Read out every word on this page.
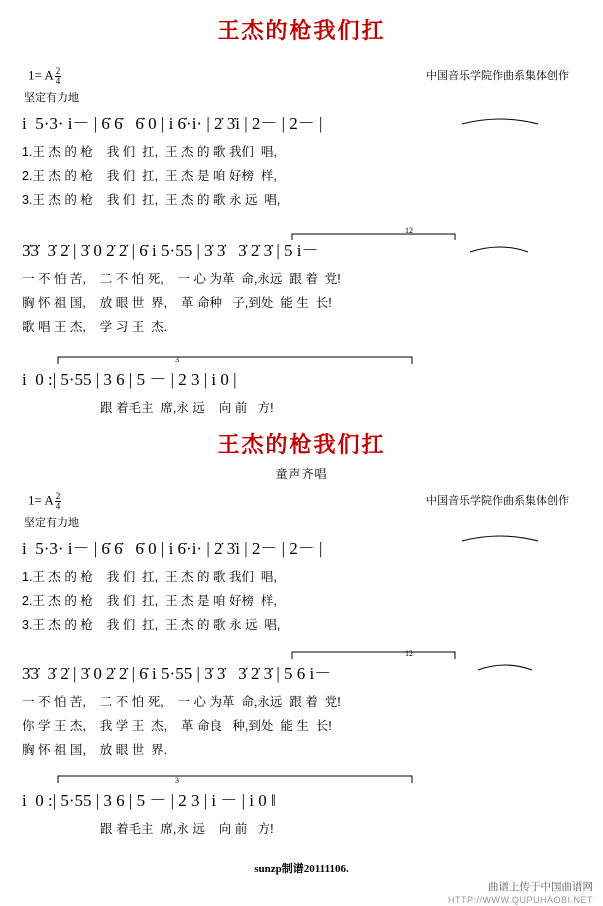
王杰的枪我们扛
1= A $\frac{2}{4}$	中国音乐学院作曲系集体创作
坚定有力地
i  5·3· i－ | 6̇ 6̇   6̇ 0 | i 6̇·i· | 2̇ 3̇i | 2－ | 2－ |
1.王 杰 的 枪    我 们  扛,  王 杰 的 歌 我们  唱,
2.王 杰 的 枪    我 们  扛,  王 杰 是 咱 好榜  样,
3.王 杰 的 枪    我 们  扛,  王 杰 的 歌 永 远  唱,
12
3̇3̇  3̇ 2̇ | 3̇ 0 2̇ 2̇ | 6̇ i 5·55 | 3̇ 3̇   3̇ 2̇ 3̇ | 5 i－
一 不 怕 苦,    二 不 怕 死,    一 心 为革  命,永远  跟 着  党!
胸 怀 祖 国,    放 眼 世  界,    革 命种   子,到处  能 生  长!
歌 唱 王 杰,    学 习 王  杰.
3
i  0 :| 5·55 | 3 6 | 5 － | 2 3 | i 0 |
跟 着毛主  席,永 远    向 前   方!
王杰的枪我们扛
童声齐唱
1= A $\frac{2}{4}$	中国音乐学院作曲系集体创作
坚定有力地
i  5·3· i－ | 6̇ 6̇   6̇ 0 | i 6̇·i· | 2̇ 3̇i | 2－ | 2－ |
1.王 杰 的 枪    我 们  扛,  王 杰 的 歌 我们  唱,
2.王 杰 的 枪    我 们  扛,  王 杰 是 咱 好榜  样,
3.王 杰 的 枪    我 们  扛,  王 杰 的 歌 永 远  唱,
12
3̇3̇  3̇ 2̇ | 3̇ 0 2̇ 2̇ | 6̇ i 5·55 | 3̇ 3̇   3̇ 2̇ 3̇ | 5 6 i－
一 不 怕 苦,    二 不 怕 死,    一 心 为革  命,永远  跟 着  党!
你 学 王 杰,    我 学 王  杰,    革 命良   种,到处  能 生  长!
胸 怀 祖 国,    放 眼 世  界.
3
i  0 :| 5·55 | 3 6 | 5 － | 2 3 | i － | i 0 ‖
跟 着毛主  席,永 远    向 前   方!
sunzp制谱20111106.
曲谱上传于中国曲谱网
HTTP://WWW.QUPUHAOBI.NET
